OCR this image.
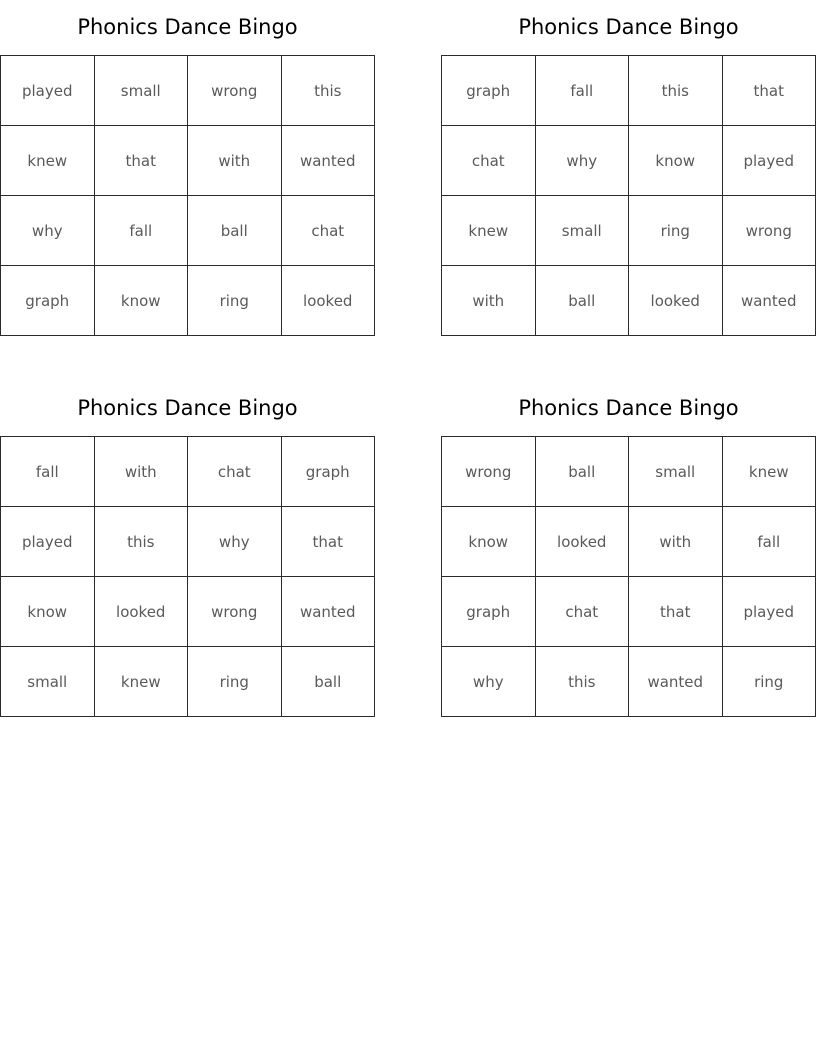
Phonics Dance Bingo
played	small	wrong	this
knew	that	with	wanted
why	fall	ball	chat
graph	know	ring	looked
Phonics Dance Bingo
graph	fall	this	that
chat	why	know	played
knew	small	ring	wrong
with	ball	looked	wanted
Phonics Dance Bingo
fall	with	chat	graph
played	this	why	that
know	looked	wrong	wanted
small	knew	ring	ball
Phonics Dance Bingo
wrong	ball	small	knew
know	looked	with	fall
graph	chat	that	played
why	this	wanted	ring
